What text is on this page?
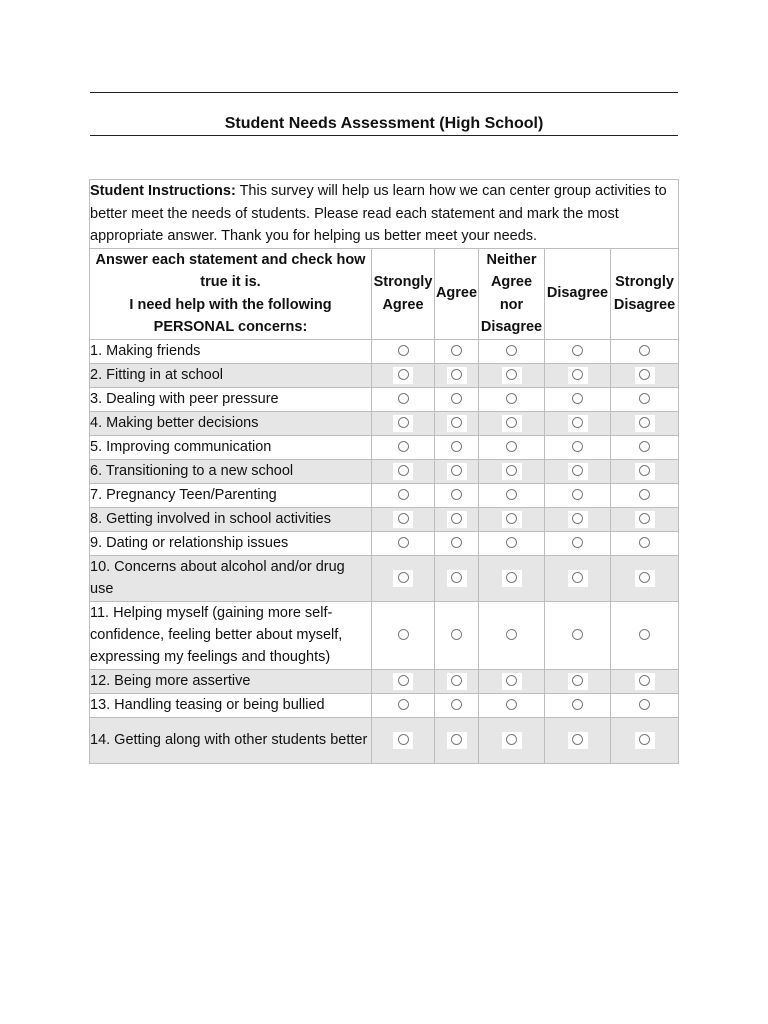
Student Needs Assessment (High School)
Student Instructions: This survey will help us learn how we can center group activities to better meet the needs of students. Please read each statement and mark the most appropriate answer. Thank you for helping us better meet your needs.					

Answer each statement and check how true it is.
I need help with the following PERSONAL concerns:	Strongly Agree	Agree	Neither Agree nor Disagree	Disagree	Strongly Disagree
1. Making friends					
2. Fitting in at school					
3. Dealing with peer pressure					
4. Making better decisions					
5. Improving communication					
6. Transitioning to a new school					
7. Pregnancy Teen/Parenting					
8. Getting involved in school activities					
9. Dating or relationship issues					
10. Concerns about alcohol and/or drug use					
11. Helping myself (gaining more self-confidence, feeling better about myself, expressing my feelings and thoughts)					
12. Being more assertive					
13. Handling teasing or being bullied					
14. Getting along with other students better					
